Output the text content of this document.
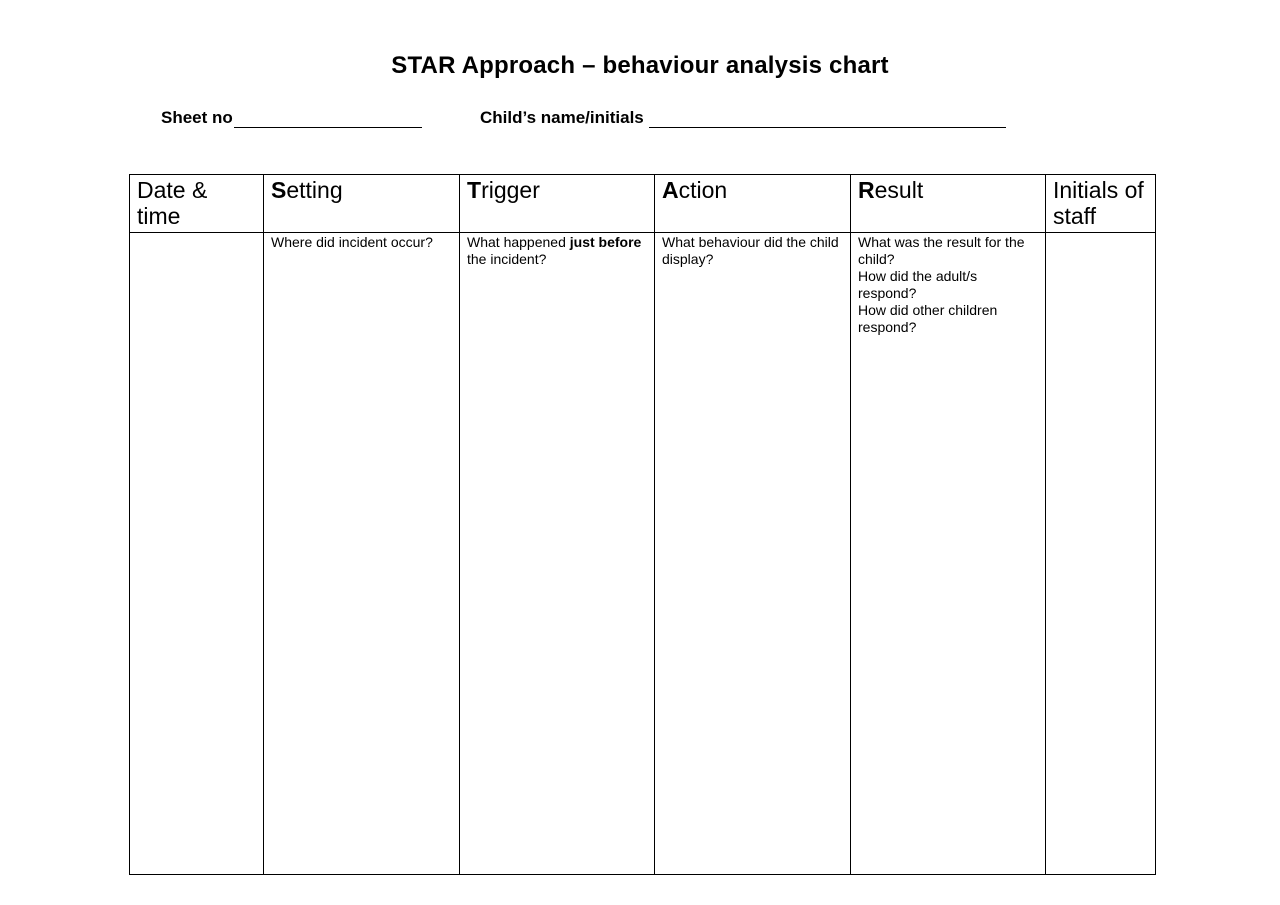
STAR Approach – behaviour analysis chart
Sheet no	Child’s name/initials
Date & time	Setting	Trigger	Action	Result	Initials of staff
	Where did incident occur?	What happened just before the incident?	What behaviour did the child display?	What was the result for the child?
How did the adult/s respond?
How did other children respond?	
